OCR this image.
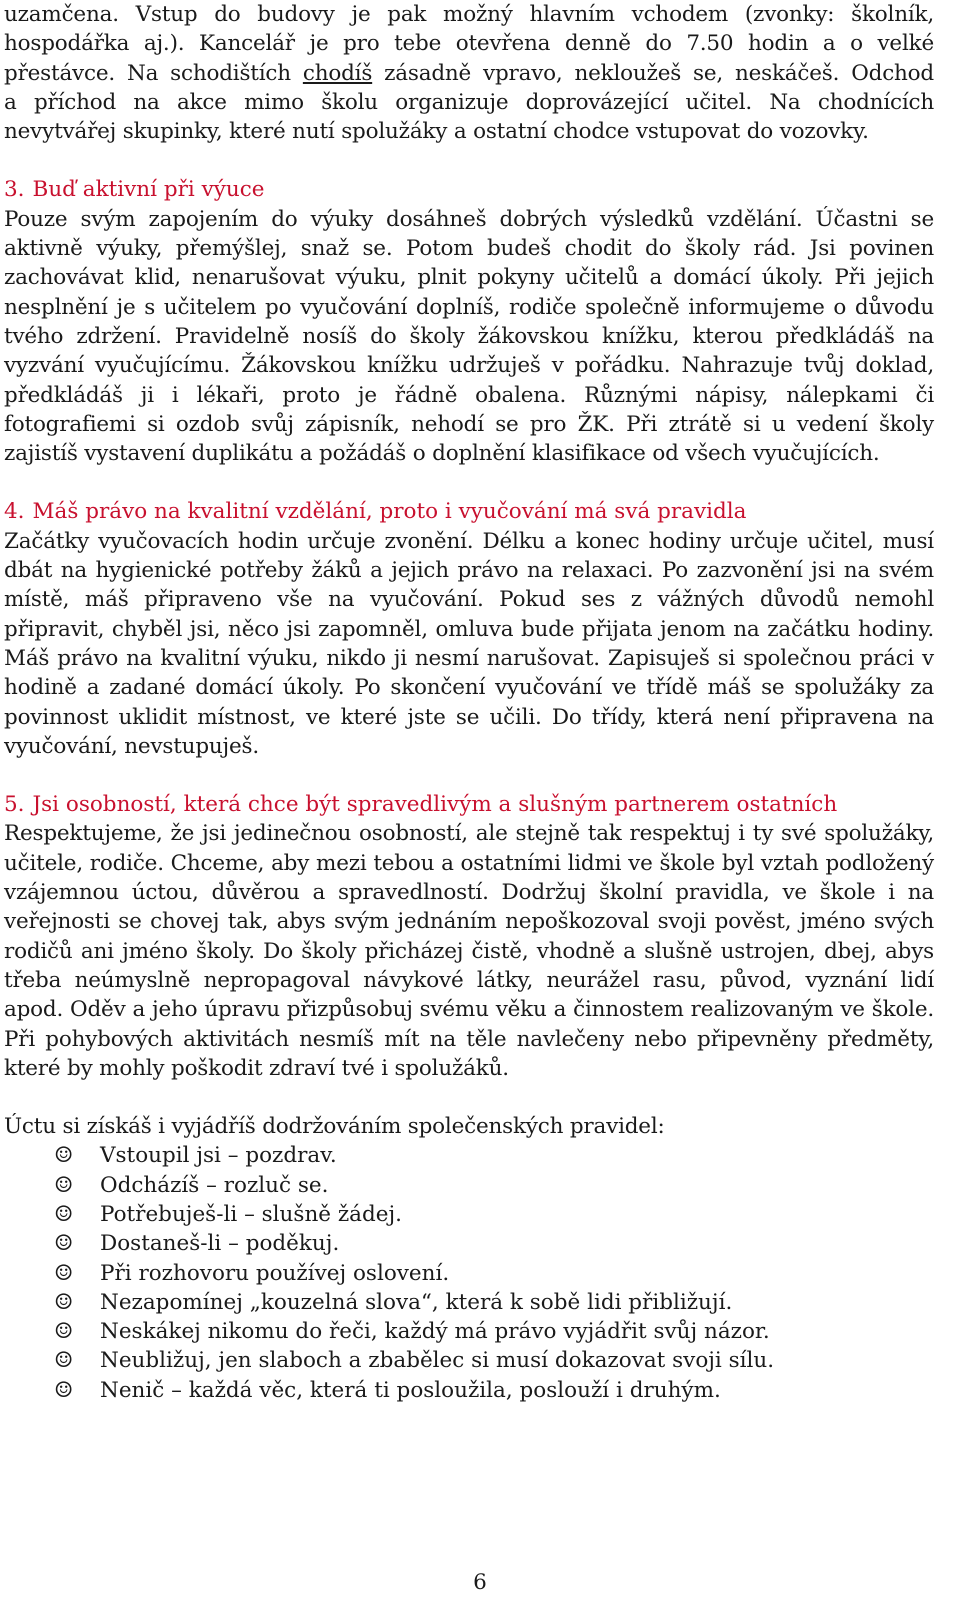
uzamčena. Vstup do budovy je pak možný hlavním vchodem (zvonky: školník,

hospodářka aj.). Kancelář je pro tebe otevřena denně do 7.50 hodin a o velké

přestávce. Na schodištích chodíš zásadně vpravo, nekloužeš se, neskáčeš. Odchod

a příchod na akce mimo školu organizuje doprovázející učitel. Na chodnících

nevytvářej skupinky, které nutí spolužáky a ostatní chodce vstupovat do vozovky.

3. Buď aktivní při výuce

Pouze svým zapojením do výuky dosáhneš dobrých výsledků vzdělání. Účastni se aktivně výuky, přemýšlej, snaž se. Potom budeš chodit do školy rád. Jsi povinen zachovávat klid, nenarušovat výuku, plnit pokyny učitelů a domácí úkoly. Při jejich nesplnění je s učitelem po vyučování doplníš, rodiče společně informujeme o důvodu tvého zdržení. Pravidelně nosíš do školy žákovskou knížku, kterou předkládáš na vyzvání vyučujícímu. Žákovskou knížku udržuješ v pořádku. Nahrazuje tvůj doklad, předkládáš ji i lékaři, proto je řádně obalena. Různými nápisy, nálepkami či fotografiemi si ozdob svůj zápisník, nehodí se pro ŽK. Při ztrátě si u vedení školy zajistíš vystavení duplikátu a požádáš o doplnění klasifikace od všech vyučujících.

4. Máš právo na kvalitní vzdělání, proto i vyučování má svá pravidla

Začátky vyučovacích hodin určuje zvonění. Délku a konec hodiny určuje učitel, musí dbát na hygienické potřeby žáků a jejich právo na relaxaci. Po zazvonění jsi na svém místě, máš připraveno vše na vyučování. Pokud ses z vážných důvodů nemohl připravit, chyběl jsi, něco jsi zapomněl, omluva bude přijata jenom na začátku hodiny. Máš právo na kvalitní výuku, nikdo ji nesmí narušovat. Zapisuješ si společnou práci v hodině a zadané domácí úkoly. Po skončení vyučování ve třídě máš se spolužáky za povinnost uklidit místnost, ve které jste se učili. Do třídy, která není připravena na vyučování, nevstupuješ.

5. Jsi osobností, která chce být spravedlivým a slušným partnerem ostatních

Respektujeme, že jsi jedinečnou osobností, ale stejně tak respektuj i ty své spolužáky, učitele, rodiče. Chceme, aby mezi tebou a ostatními lidmi ve škole byl vztah podložený vzájemnou úctou, důvěrou a spravedlností. Dodržuj školní pravidla, ve škole i na veřejnosti se chovej tak, abys svým jednáním nepoškozoval svoji pověst, jméno svých rodičů ani jméno školy. Do školy přicházej čistě, vhodně a slušně ustrojen, dbej, abys třeba neúmyslně nepropagoval návykové látky, neurážel rasu, původ, vyznání lidí apod. Oděv a jeho úpravu přizpůsobuj svému věku a činnostem realizovaným ve škole. Při pohybových aktivitách nesmíš mít na těle navlečeny nebo připevněny předměty, které by mohly poškodit zdraví tvé i spolužáků.

Úctu si získáš i vyjádříš dodržováním společenských pravidel:

☺	Vstoupil jsi – pozdrav.
☺	Odcházíš – rozluč se.
☺	Potřebuješ-li – slušně žádej.
☺	Dostaneš-li – poděkuj.
☺	Při rozhovoru používej oslovení.
☺	Nezapomínej „kouzelná slova“, která k sobě lidi přibližují.
☺	Neskákej nikomu do řeči, každý má právo vyjádřit svůj názor.
☺	Neubližuj, jen slaboch a zbabělec si musí dokazovat svoji sílu.
☺	Nenič – každá věc, která ti posloužila, poslouží i druhým.
6
